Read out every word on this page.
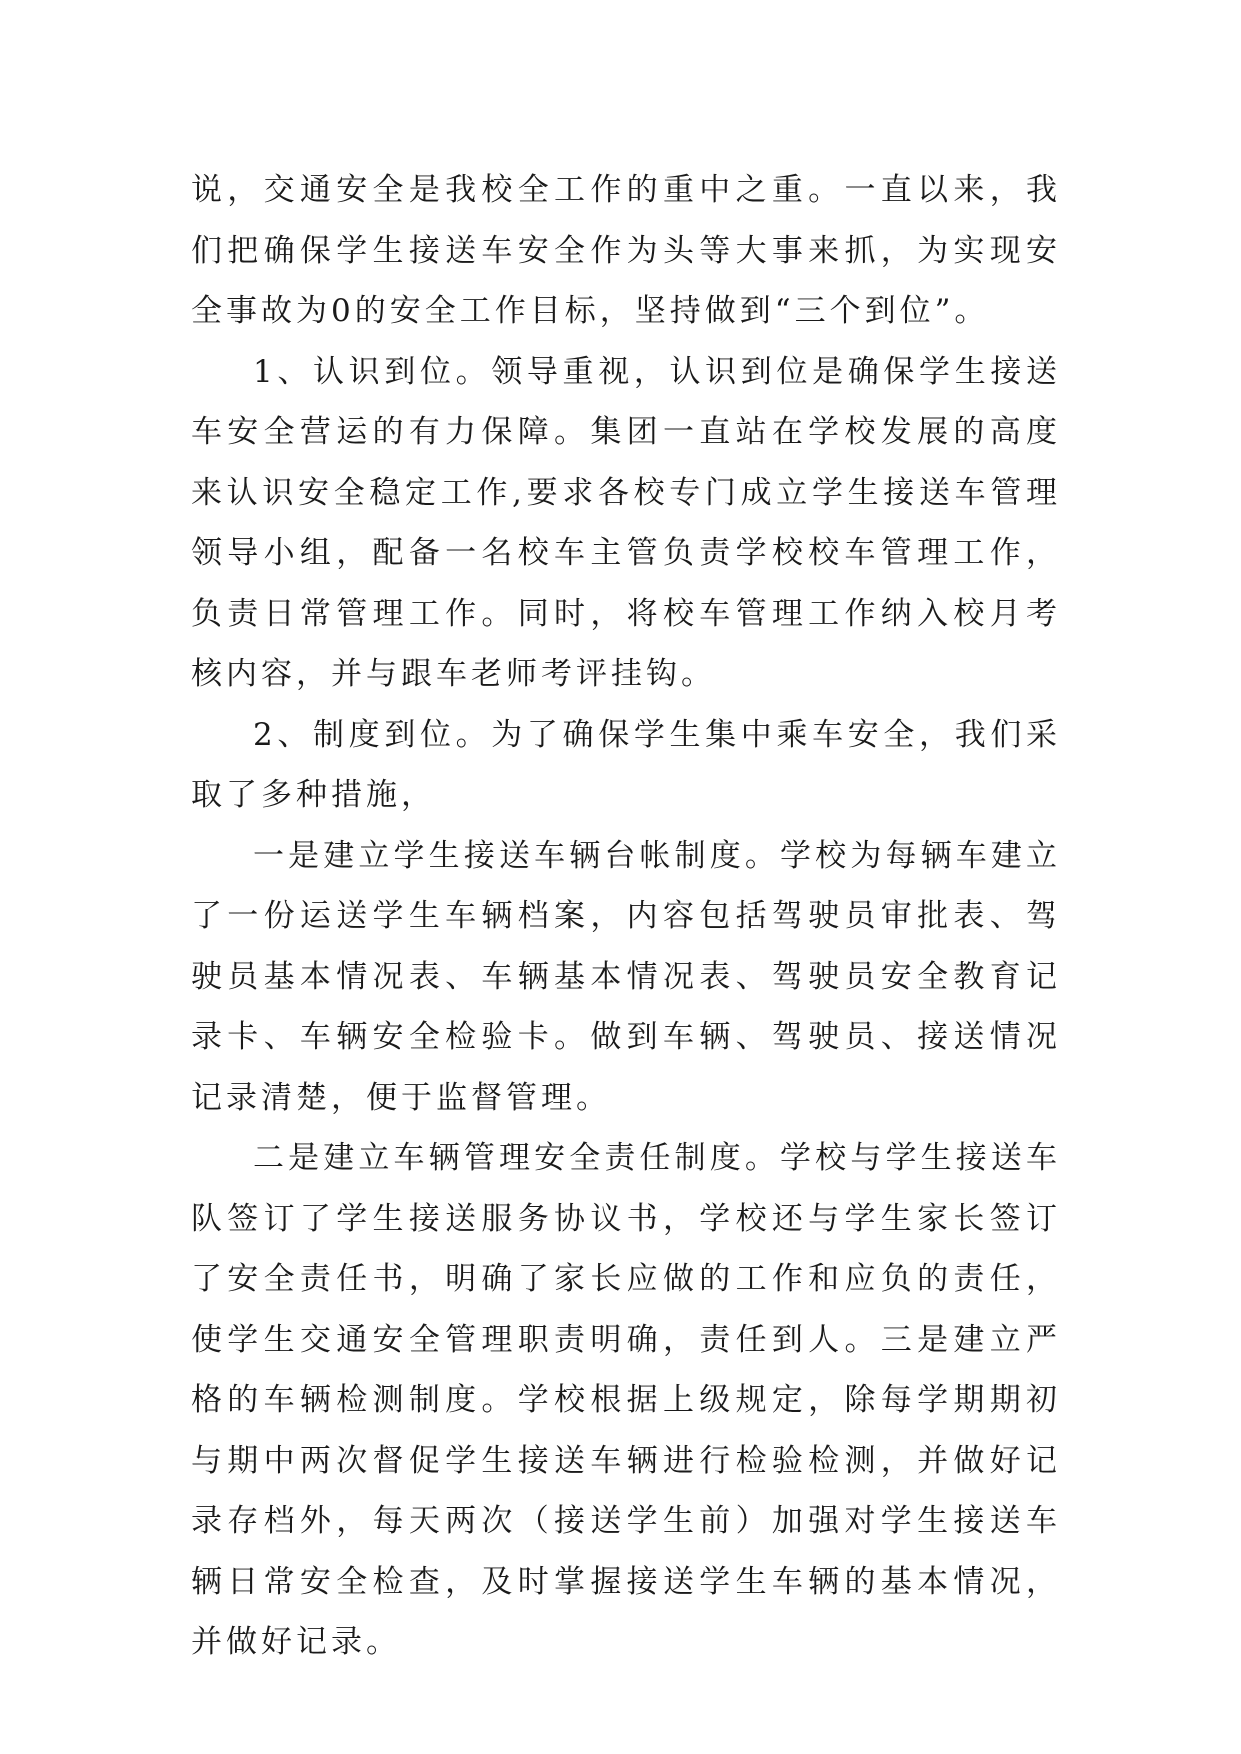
说，交通安全是我校全工作的重中之重。一直以来，我们把确保学生接送车安全作为头等大事来抓，为实现安全事故为0的安全工作目标，坚持做到“三个到位”。

1、认识到位。领导重视，认识到位是确保学生接送车安全营运的有力保障。集团一直站在学校发展的高度来认识安全稳定工作,要求各校专门成立学生接送车管理领导小组，配备一名校车主管负责学校校车管理工作，负责日常管理工作。同时，将校车管理工作纳入校月考核内容，并与跟车老师考评挂钩。

2、制度到位。为了确保学生集中乘车安全，我们采取了多种措施，

一是建立学生接送车辆台帐制度。学校为每辆车建立了一份运送学生车辆档案，内容包括驾驶员审批表、驾驶员基本情况表、车辆基本情况表、驾驶员安全教育记录卡、车辆安全检验卡。做到车辆、驾驶员、接送情况记录清楚，便于监督管理。

二是建立车辆管理安全责任制度。学校与学生接送车队签订了学生接送服务协议书，学校还与学生家长签订了安全责任书，明确了家长应做的工作和应负的责任，使学生交通安全管理职责明确，责任到人。三是建立严格的车辆检测制度。学校根据上级规定，除每学期期初与期中两次督促学生接送车辆进行检验检测，并做好记录存档外，每天两次（接送学生前）加强对学生接送车辆日常安全检查，及时掌握接送学生车辆的基本情况，并做好记录。
